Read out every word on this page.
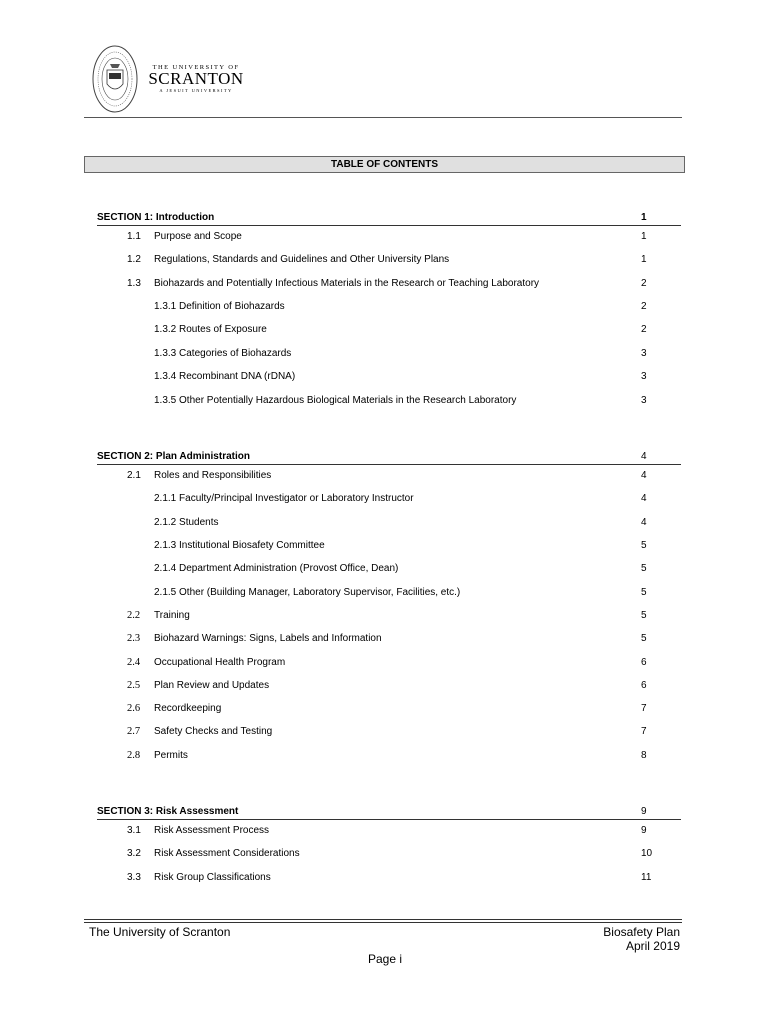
THE UNIVERSITY OF
SCRANTON
A JESUIT UNIVERSITY
TABLE OF CONTENTS
SECTION 1: Introduction	1
1.1 Purpose and Scope	1
1.2 Regulations, Standards and Guidelines and Other University Plans	1
1.3 Biohazards and Potentially Infectious Materials in the Research or Teaching Laboratory	2
1.3.1 Definition of Biohazards	2
1.3.2 Routes of Exposure	2
1.3.3 Categories of Biohazards	3
1.3.4 Recombinant DNA (rDNA)	3
1.3.5 Other Potentially Hazardous Biological Materials in the Research Laboratory	3
SECTION 2: Plan Administration	4
2.1 Roles and Responsibilities	4
2.1.1 Faculty/Principal Investigator or Laboratory Instructor	4
2.1.2 Students	4
2.1.3 Institutional Biosafety Committee	5
2.1.4 Department Administration (Provost Office, Dean)	5
2.1.5 Other (Building Manager, Laboratory Supervisor, Facilities, etc.)	5
2.2 Training	5
2.3 Biohazard Warnings: Signs, Labels and Information	5
2.4 Occupational Health Program	6
2.5 Plan Review and Updates	6
2.6 Recordkeeping	7
2.7 Safety Checks and Testing	7
2.8 Permits	8
SECTION 3: Risk Assessment	9
3.1 Risk Assessment Process	9
3.2 Risk Assessment Considerations	10
3.3 Risk Group Classifications	11
The University of Scranton	Biosafety Plan
April 2019
Page i
